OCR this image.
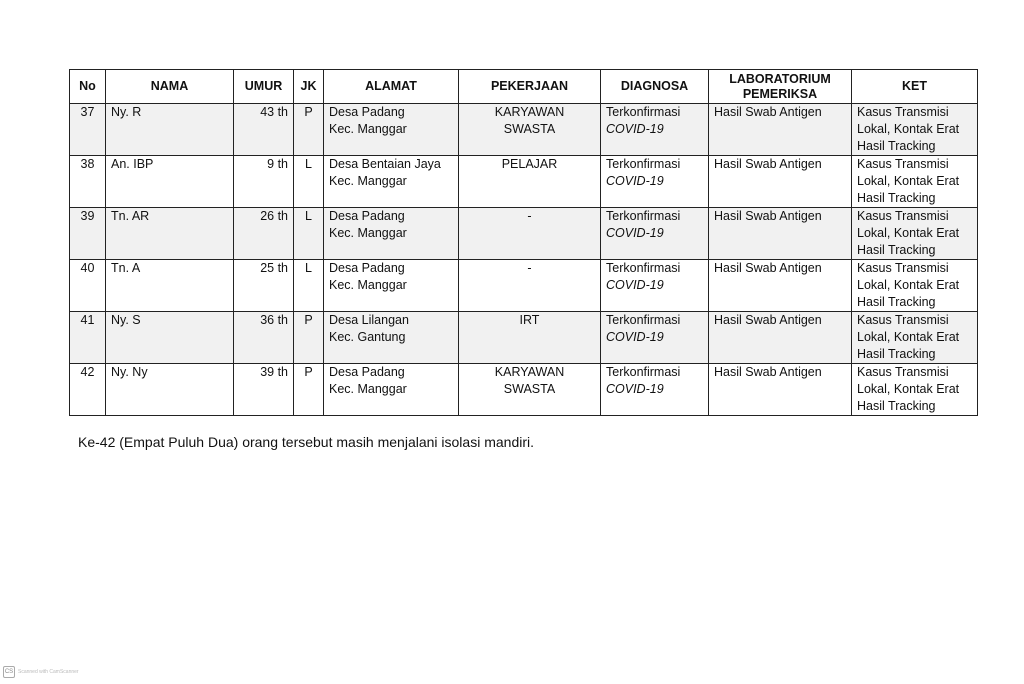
No	NAMA	UMUR	JK	ALAMAT	PEKERJAAN	DIAGNOSA	LABORATORIUM
PEMERIKSA	KET

37	Ny. R	43 th	P	Desa Padang
Kec. Manggar	KARYAWAN
SWASTA	Terkonfirmasi
COVID-19	Hasil Swab Antigen	Kasus Transmisi
Lokal, Kontak Erat
Hasil Tracking

38	An. IBP	9 th	L	Desa Bentaian Jaya
Kec. Manggar	PELAJAR	Terkonfirmasi
COVID-19	Hasil Swab Antigen	Kasus Transmisi
Lokal, Kontak Erat
Hasil Tracking

39	Tn. AR	26 th	L	Desa Padang
Kec. Manggar	-	Terkonfirmasi
COVID-19	Hasil Swab Antigen	Kasus Transmisi
Lokal, Kontak Erat
Hasil Tracking

40	Tn. A	25 th	L	Desa Padang
Kec. Manggar	-	Terkonfirmasi
COVID-19	Hasil Swab Antigen	Kasus Transmisi
Lokal, Kontak Erat
Hasil Tracking

41	Ny. S	36 th	P	Desa Lilangan
Kec. Gantung	IRT	Terkonfirmasi
COVID-19	Hasil Swab Antigen	Kasus Transmisi
Lokal, Kontak Erat
Hasil Tracking

42	Ny. Ny	39 th	P	Desa Padang
Kec. Manggar	KARYAWAN
SWASTA	Terkonfirmasi
COVID-19	Hasil Swab Antigen	Kasus Transmisi
Lokal, Kontak Erat
Hasil Tracking

Ke-42 (Empat Puluh Dua) orang tersebut masih menjalani isolasi mandiri.

CS Scanned with CamScanner
